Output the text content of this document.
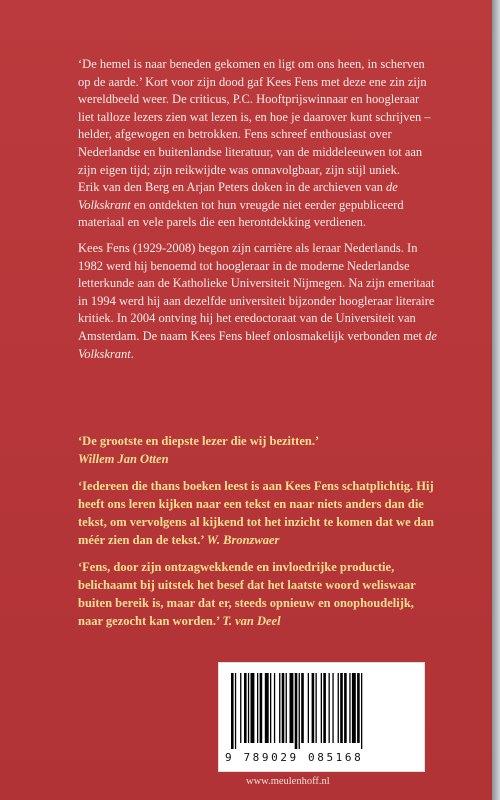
‘De hemel is naar beneden gekomen en ligt om ons heen, in scherven op de aarde.’ Kort voor zijn dood gaf Kees Fens met deze ene zin zijn wereldbeeld weer. De criticus, P.C. Hooftprijswinnaar en hoogleraar liet talloze lezers zien wat lezen is, en hoe je daarover kunt schrijven – helder, afgewogen en betrokken. Fens schreef enthousiast over Nederlandse en buitenlandse literatuur, van de middeleeuwen tot aan zijn eigen tijd; zijn reikwijdte was onnavolgbaar, zijn stijl uniek.
Erik van den Berg en Arjan Peters doken in de archieven van de Volkskrant en ontdekten tot hun vreugde niet eerder gepubliceerd materiaal en vele parels die een herontdekking verdienen.

Kees Fens (1929-2008) begon zijn carrière als leraar Nederlands. In 1982 werd hij benoemd tot hoogleraar in de moderne Nederlandse letterkunde aan de Katholieke Universiteit Nijmegen. Na zijn emeritaat in 1994 werd hij aan dezelfde universiteit bijzonder hoogleraar literaire kritiek. In 2004 ontving hij het eredoctoraat van de Universiteit van Amsterdam. De naam Kees Fens bleef onlosmakelijk verbonden met de Volkskrant.

‘De grootste en diepste lezer die wij bezitten.’
Willem Jan Otten

‘Iedereen die thans boeken leest is aan Kees Fens schatplichtig. Hij heeft ons leren kijken naar een tekst en naar niets anders dan die tekst, om vervolgens al kijkend tot het inzicht te komen dat we dan méér zien dan de tekst.’ W. Bronzwaer

‘Fens, door zijn ontzagwekkende en invloedrijke productie, belichaamt bij uitstek het besef dat het laatste woord weliswaar buiten bereik is, maar dat er, steeds opnieuw en onophoudelijk, naar gezocht kan worden.’ T. van Deel

9 789029 085168
www.meulenhoff.nl
